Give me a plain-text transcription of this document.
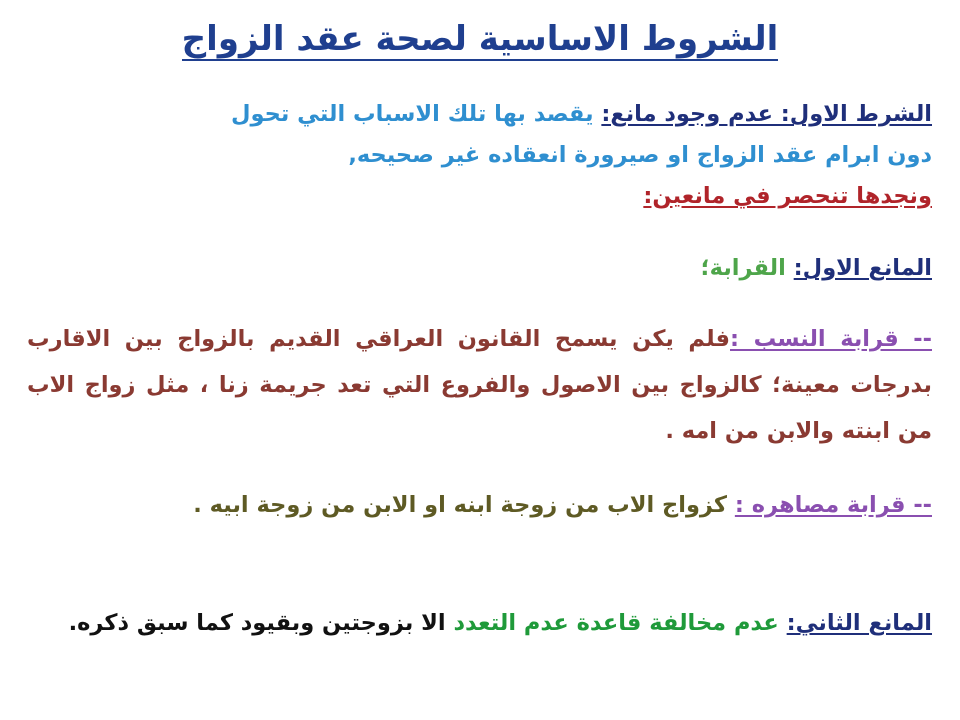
الشروط الاساسية لصحة عقد الزواج
الشرط الاول: عدم وجود مانع: يقصد بها تلك الاسباب التي تحول
دون ابرام عقد الزواج او صيرورة انعقاده غير صحيحه,
ونجدها تنحصر في مانعين:
المانع الاول: القرابة؛
-- قرابة النسب :فلم يكن يسمح القانون العراقي القديم بالزواج بين الاقارب بدرجات معينة؛ كالزواج بين الاصول والفروع التي تعد جريمة زنا ، مثل زواج الاب من ابنته والابن من امه .
-- قرابة مصاهره : كزواج الاب من زوجة ابنه او الابن من زوجة ابيه .
المانع الثاني: عدم مخالفة قاعدة عدم التعدد الا بزوجتين وبقيود كما سبق ذكره.
